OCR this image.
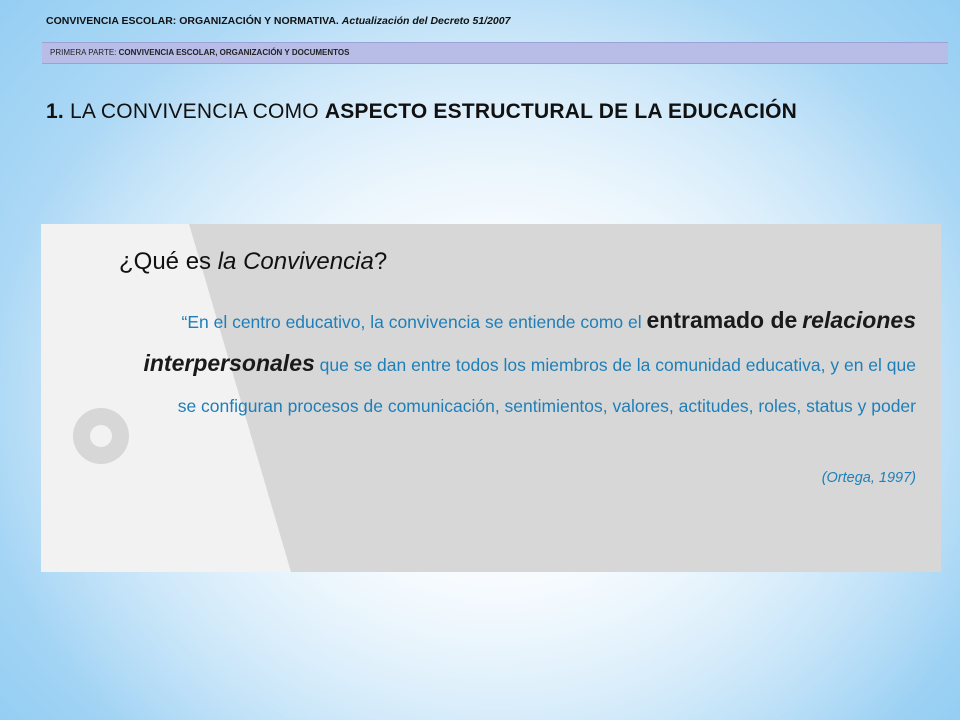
CONVIVENCIA ESCOLAR: ORGANIZACIÓN Y NORMATIVA. Actualización del Decreto 51/2007
PRIMERA PARTE: CONVIVENCIA ESCOLAR, ORGANIZACIÓN Y DOCUMENTOS
1. LA CONVIVENCIA COMO ASPECTO ESTRUCTURAL DE LA EDUCACIÓN
¿Qué es la Convivencia?
“En el centro educativo, la convivencia se entiende como el entramado de relaciones interpersonales que se dan entre todos los miembros de la comunidad educativa, y en el que se configuran procesos de comunicación, sentimientos, valores, actitudes, roles, status y poder
(Ortega, 1997)
